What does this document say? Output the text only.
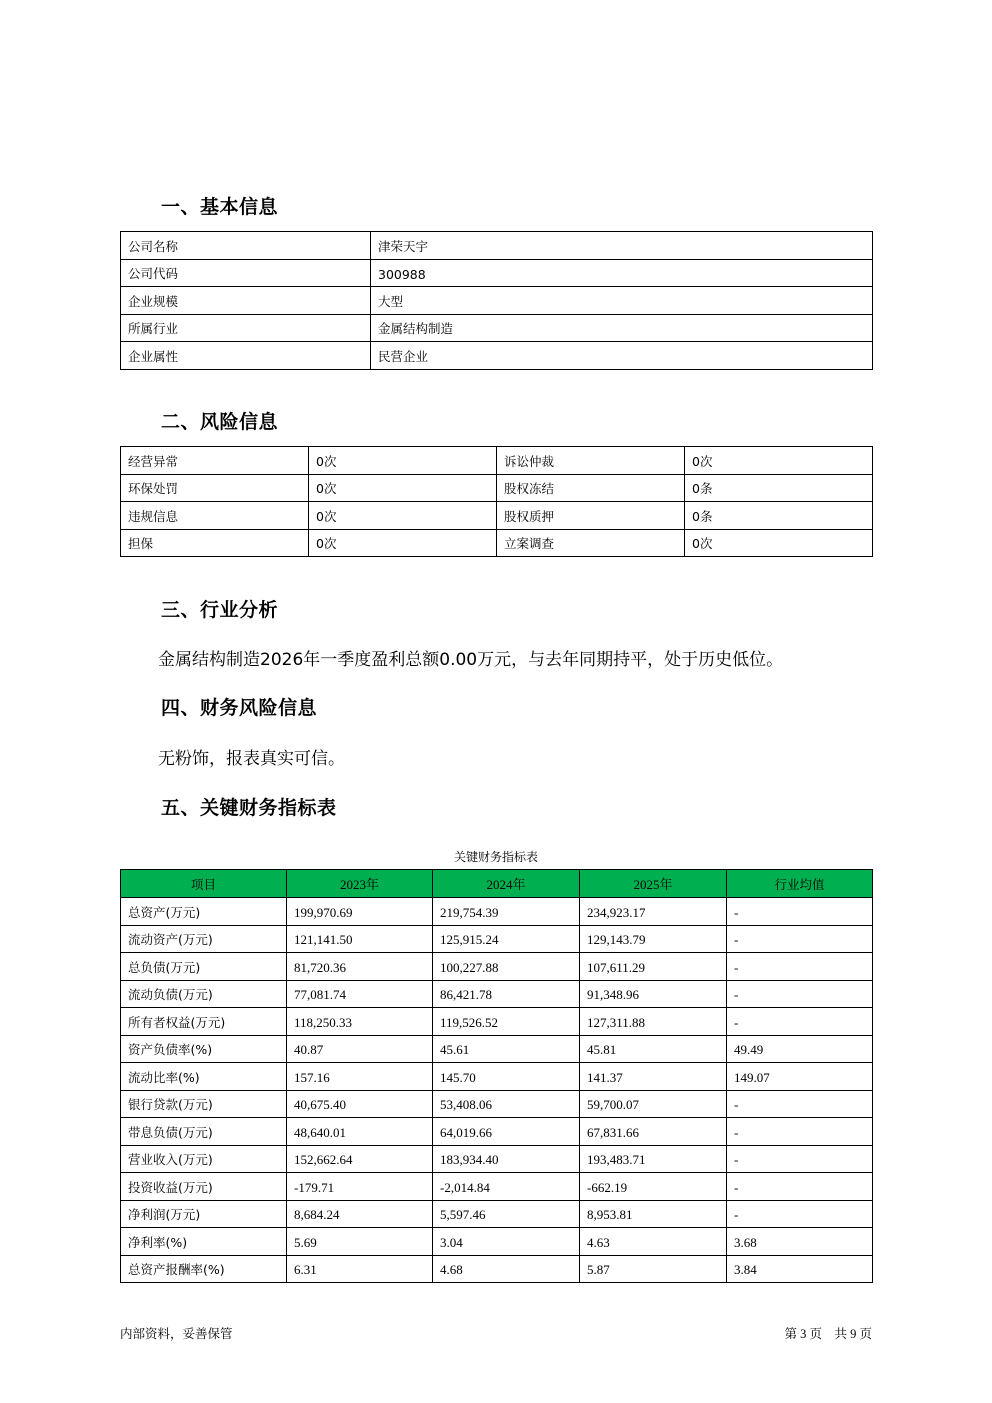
一、基本信息
公司名称	津荣天宇
公司代码	300988
企业规模	大型
所属行业	金属结构制造
企业属性	民营企业
二、风险信息
经营异常	0次	诉讼仲裁	0次
环保处罚	0次	股权冻结	0条
违规信息	0次	股权质押	0条
担保	0次	立案调查	0次
三、行业分析
金属结构制造2026年一季度盈利总额0.00万元，与去年同期持平，处于历史低位。
四、财务风险信息
无粉饰，报表真实可信。
五、关键财务指标表
关键财务指标表
项目	2023年	2024年	2025年	行业均值
总资产(万元)	199,970.69	219,754.39	234,923.17	-
流动资产(万元)	121,141.50	125,915.24	129,143.79	-
总负债(万元)	81,720.36	100,227.88	107,611.29	-
流动负债(万元)	77,081.74	86,421.78	91,348.96	-
所有者权益(万元)	118,250.33	119,526.52	127,311.88	-
资产负债率(%)	40.87	45.61	45.81	49.49
流动比率(%)	157.16	145.70	141.37	149.07
银行贷款(万元)	40,675.40	53,408.06	59,700.07	-
带息负债(万元)	48,640.01	64,019.66	67,831.66	-
营业收入(万元)	152,662.64	183,934.40	193,483.71	-
投资收益(万元)	-179.71	-2,014.84	-662.19	-
净利润(万元)	8,684.24	5,597.46	8,953.81	-
净利率(%)	5.69	3.04	4.63	3.68
总资产报酬率(%)	6.31	4.68	5.87	3.84
内部资料，妥善保管	第 3 页　共 9 页
